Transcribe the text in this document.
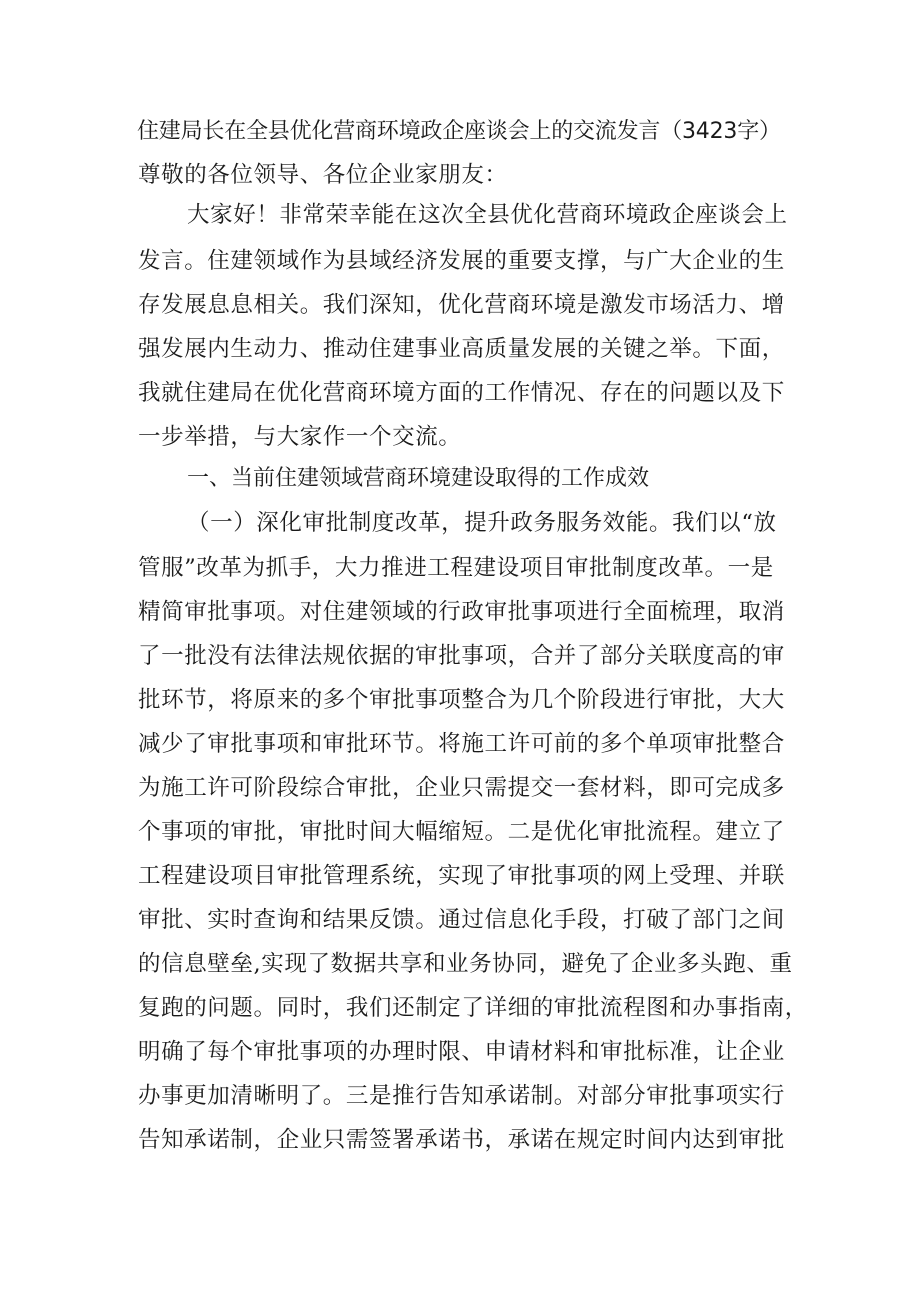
住建局长在全县优化营商环境政企座谈会上的交流发言（3423字）
尊敬的各位领导、各位企业家朋友：
大家好！非常荣幸能在这次全县优化营商环境政企座谈会上
发言。住建领域作为县域经济发展的重要支撑，与广大企业的生
存发展息息相关。我们深知，优化营商环境是激发市场活力、增
强发展内生动力、推动住建事业高质量发展的关键之举。下面，
我就住建局在优化营商环境方面的工作情况、存在的问题以及下
一步举措，与大家作一个交流。
一、当前住建领域营商环境建设取得的工作成效
（一）深化审批制度改革，提升政务服务效能。我们以“放
管服”改革为抓手，大力推进工程建设项目审批制度改革。一是
精简审批事项。对住建领域的行政审批事项进行全面梳理，取消
了一批没有法律法规依据的审批事项，合并了部分关联度高的审
批环节，将原来的多个审批事项整合为几个阶段进行审批，大大
减少了审批事项和审批环节。将施工许可前的多个单项审批整合
为施工许可阶段综合审批，企业只需提交一套材料，即可完成多
个事项的审批，审批时间大幅缩短。二是优化审批流程。建立了
工程建设项目审批管理系统，实现了审批事项的网上受理、并联
审批、实时查询和结果反馈。通过信息化手段，打破了部门之间
的信息壁垒,实现了数据共享和业务协同，避免了企业多头跑、重
复跑的问题。同时，我们还制定了详细的审批流程图和办事指南，
明确了每个审批事项的办理时限、申请材料和审批标准，让企业
办事更加清晰明了。三是推行告知承诺制。对部分审批事项实行
告知承诺制，企业只需签署承诺书，承诺在规定时间内达到审批
